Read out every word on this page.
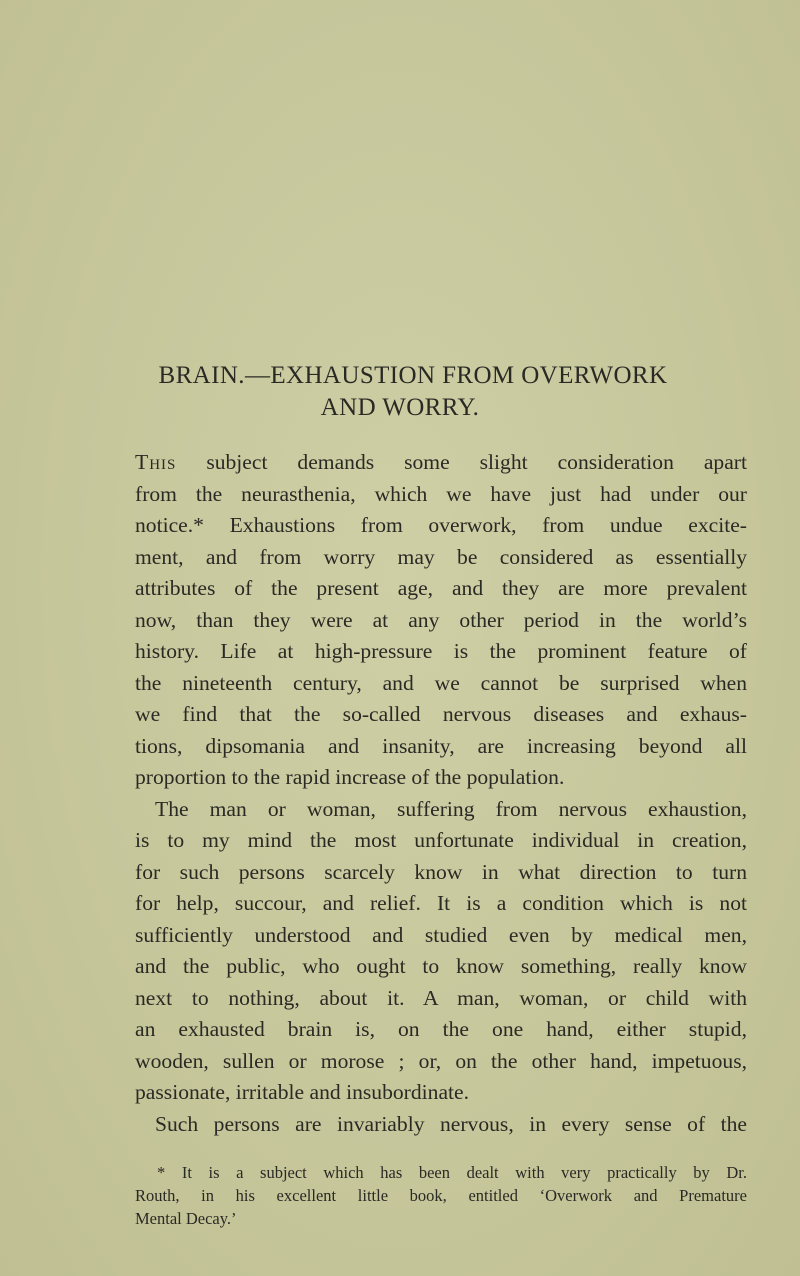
BRAIN.—EXHAUSTION FROM OVERWORK
AND WORRY.
This subject demands some slight consideration apart
from the neurasthenia, which we have just had under our
notice.* Exhaustions from overwork, from undue excite-
ment, and from worry may be considered as essentially
attributes of the present age, and they are more prevalent
now, than they were at any other period in the world’s
history. Life at high-pressure is the prominent feature of
the nineteenth century, and we cannot be surprised when
we find that the so-called nervous diseases and exhaus-
tions, dipsomania and insanity, are increasing beyond all
proportion to the rapid increase of the population.
The man or woman, suffering from nervous exhaustion,
is to my mind the most unfortunate individual in creation,
for such persons scarcely know in what direction to turn
for help, succour, and relief. It is a condition which is not
sufficiently understood and studied even by medical men,
and the public, who ought to know something, really know
next to nothing, about it. A man, woman, or child with
an exhausted brain is, on the one hand, either stupid,
wooden, sullen or morose ; or, on the other hand, impetuous,
passionate, irritable and insubordinate.
Such persons are invariably nervous, in every sense of the
* It is a subject which has been dealt with very practically by Dr.
Routh, in his excellent little book, entitled ‘Overwork and Premature
Mental Decay.’
